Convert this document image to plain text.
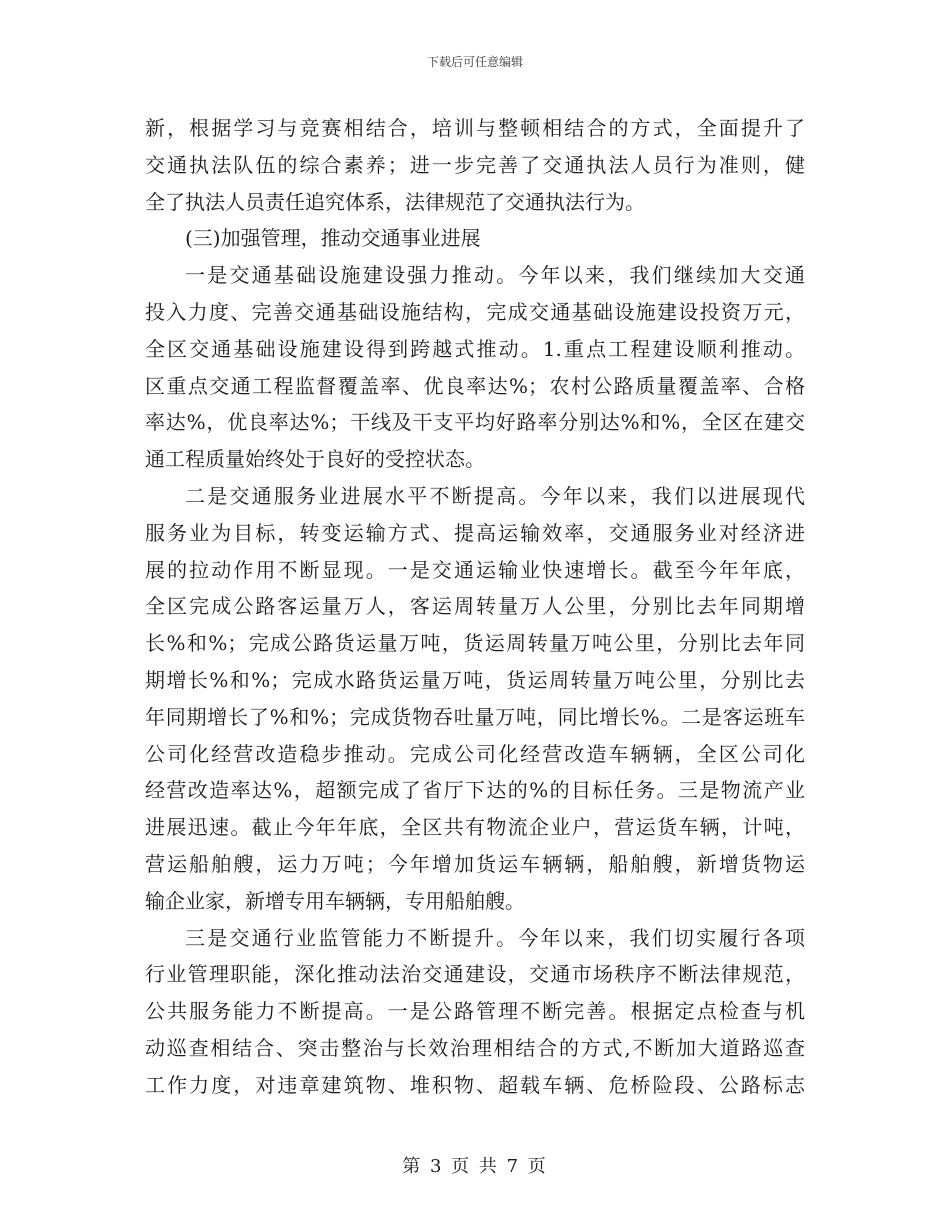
下载后可任意编辑
新，根据学习与竞赛相结合，培训与整顿相结合的方式，全面提升了
交通执法队伍的综合素养；进一步完善了交通执法人员行为准则，健
全了执法人员责任追究体系，法律规范了交通执法行为。
(三)加强管理，推动交通事业进展
一是交通基础设施建设强力推动。今年以来，我们继续加大交通
投入力度、完善交通基础设施结构，完成交通基础设施建设投资万元，
全区交通基础设施建设得到跨越式推动。1.重点工程建设顺利推动。
区重点交通工程监督覆盖率、优良率达%；农村公路质量覆盖率、合格
率达%，优良率达%；干线及干支平均好路率分别达%和%，全区在建交
通工程质量始终处于良好的受控状态。
二是交通服务业进展水平不断提高。今年以来，我们以进展现代
服务业为目标，转变运输方式、提高运输效率，交通服务业对经济进
展的拉动作用不断显现。一是交通运输业快速增长。截至今年年底，
全区完成公路客运量万人，客运周转量万人公里，分别比去年同期增
长%和%；完成公路货运量万吨，货运周转量万吨公里，分别比去年同
期增长%和%；完成水路货运量万吨，货运周转量万吨公里，分别比去
年同期增长了%和%；完成货物吞吐量万吨，同比增长%。二是客运班车
公司化经营改造稳步推动。完成公司化经营改造车辆辆，全区公司化
经营改造率达%，超额完成了省厅下达的%的目标任务。三是物流产业
进展迅速。截止今年年底，全区共有物流企业户，营运货车辆，计吨，
营运船舶艘，运力万吨；今年增加货运车辆辆，船舶艘，新增货物运
输企业家，新增专用车辆辆，专用船舶艘。
三是交通行业监管能力不断提升。今年以来，我们切实履行各项
行业管理职能，深化推动法治交通建设，交通市场秩序不断法律规范，
公共服务能力不断提高。一是公路管理不断完善。根据定点检查与机
动巡查相结合、突击整治与长效治理相结合的方式,不断加大道路巡查
工作力度，对违章建筑物、堆积物、超载车辆、危桥险段、公路标志
第 3 页 共 7 页
